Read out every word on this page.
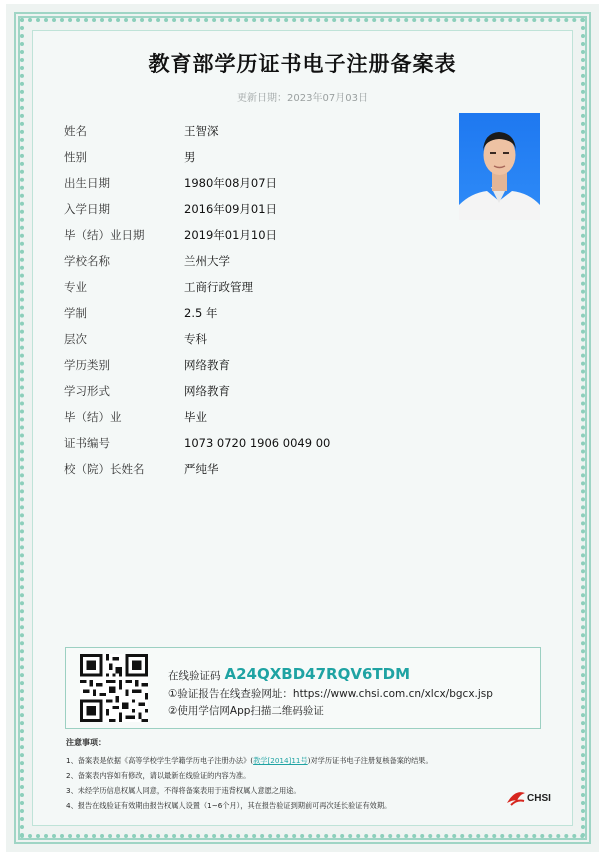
教育部学历证书电子注册备案表
更新日期：2023年07月03日
姓名	王智深
性别	男
出生日期	1980年08月07日
入学日期	2016年09月01日
毕（结）业日期	2019年01月10日
学校名称	兰州大学
专业	工商行政管理
学制	2.5 年
层次	专科
学历类别	网络教育
学习形式	网络教育
毕（结）业	毕业
证书编号	1073 0720 1906 0049 00
校（院）长姓名	严纯华
在线验证码 A24QXBD47RQV6TDM
①验证报告在线查验网址：https://www.chsi.com.cn/xlcx/bgcx.jsp
②使用学信网App扫描二维码验证
注意事项：
1、备案表是依据《高等学校学生学籍学历电子注册办法》(教学[2014]11号)对学历证书电子注册复核备案的结果。
2、备案表内容如有修改，请以最新在线验证的内容为准。
3、未经学历信息权属人同意，不得将备案表用于违背权属人意愿之用途。
4、报告在线验证有效期由报告权属人设置（1~6个月），其在报告验证到期前可再次延长验证有效期。
CHSI
